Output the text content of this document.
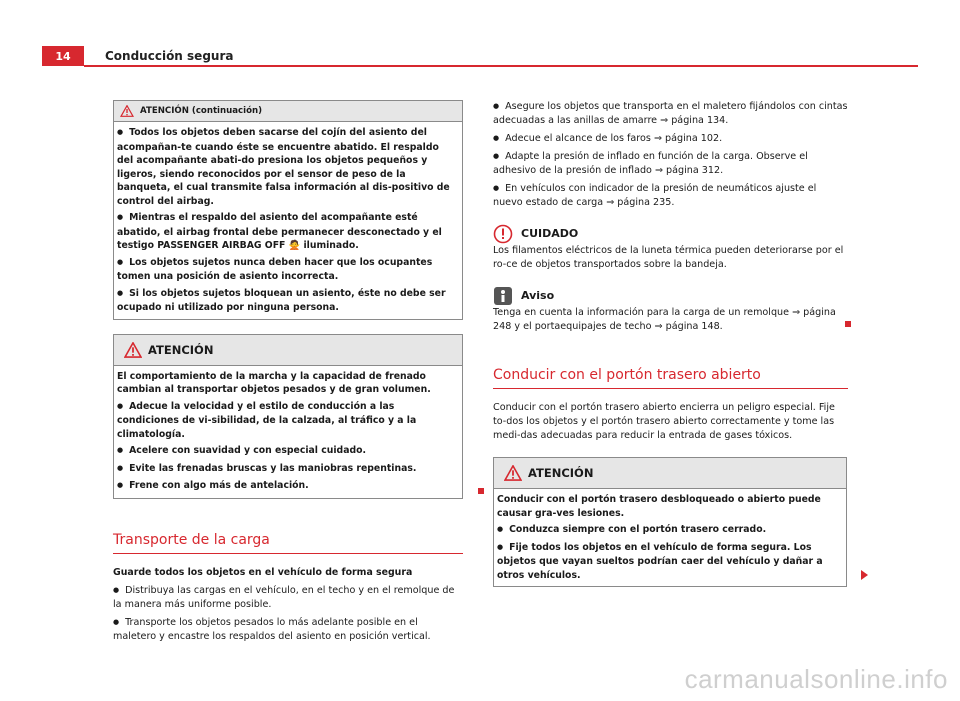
14	Conducción segura
ATENCIÓN (continuación)

● Todos los objetos deben sacarse del cojín del asiento del acompañan-te cuando éste se encuentre abatido. El respaldo del acompañante abati-do presiona los objetos pequeños y ligeros, siendo reconocidos por el sensor de peso de la banqueta, el cual transmite falsa información al dis-positivo de control del airbag.

● Mientras el respaldo del asiento del acompañante esté abatido, el airbag frontal debe permanecer desconectado y el testigo PASSENGER AIRBAG OFF 🙅 iluminado.

● Los objetos sujetos nunca deben hacer que los ocupantes tomen una posición de asiento incorrecta.

● Si los objetos sujetos bloquean un asiento, éste no debe ser ocupado ni utilizado por ninguna persona.

ATENCIÓN

El comportamiento de la marcha y la capacidad de frenado cambian al transportar objetos pesados y de gran volumen.

● Adecue la velocidad y el estilo de conducción a las condiciones de vi-sibilidad, de la calzada, al tráfico y a la climatología.

● Acelere con suavidad y con especial cuidado.

● Evite las frenadas bruscas y las maniobras repentinas.

● Frene con algo más de antelación.

Transporte de la carga

Guarde todos los objetos en el vehículo de forma segura

● Distribuya las cargas en el vehículo, en el techo y en el remolque de la manera más uniforme posible.

● Transporte los objetos pesados lo más adelante posible en el maletero y encastre los respaldos del asiento en posición vertical.

● Asegure los objetos que transporta en el maletero fijándolos con cintas adecuadas a las anillas de amarre ⇒ página 134.

● Adecue el alcance de los faros ⇒ página 102.

● Adapte la presión de inflado en función de la carga. Observe el adhesivo de la presión de inflado ⇒ página 312.

● En vehículos con indicador de la presión de neumáticos ajuste el nuevo estado de carga ⇒ página 235.

CUIDADO

Los filamentos eléctricos de la luneta térmica pueden deteriorarse por el ro-ce de objetos transportados sobre la bandeja.

Aviso

Tenga en cuenta la información para la carga de un remolque ⇒ página 248 y el portaequipajes de techo ⇒ página 148.

Conducir con el portón trasero abierto

Conducir con el portón trasero abierto encierra un peligro especial. Fije to-dos los objetos y el portón trasero abierto correctamente y tome las medi-das adecuadas para reducir la entrada de gases tóxicos.

ATENCIÓN

Conducir con el portón trasero desbloqueado o abierto puede causar gra-ves lesiones.

● Conduzca siempre con el portón trasero cerrado.

● Fije todos los objetos en el vehículo de forma segura. Los objetos que vayan sueltos podrían caer del vehículo y dañar a otros vehículos.

carmanualsonline.info
